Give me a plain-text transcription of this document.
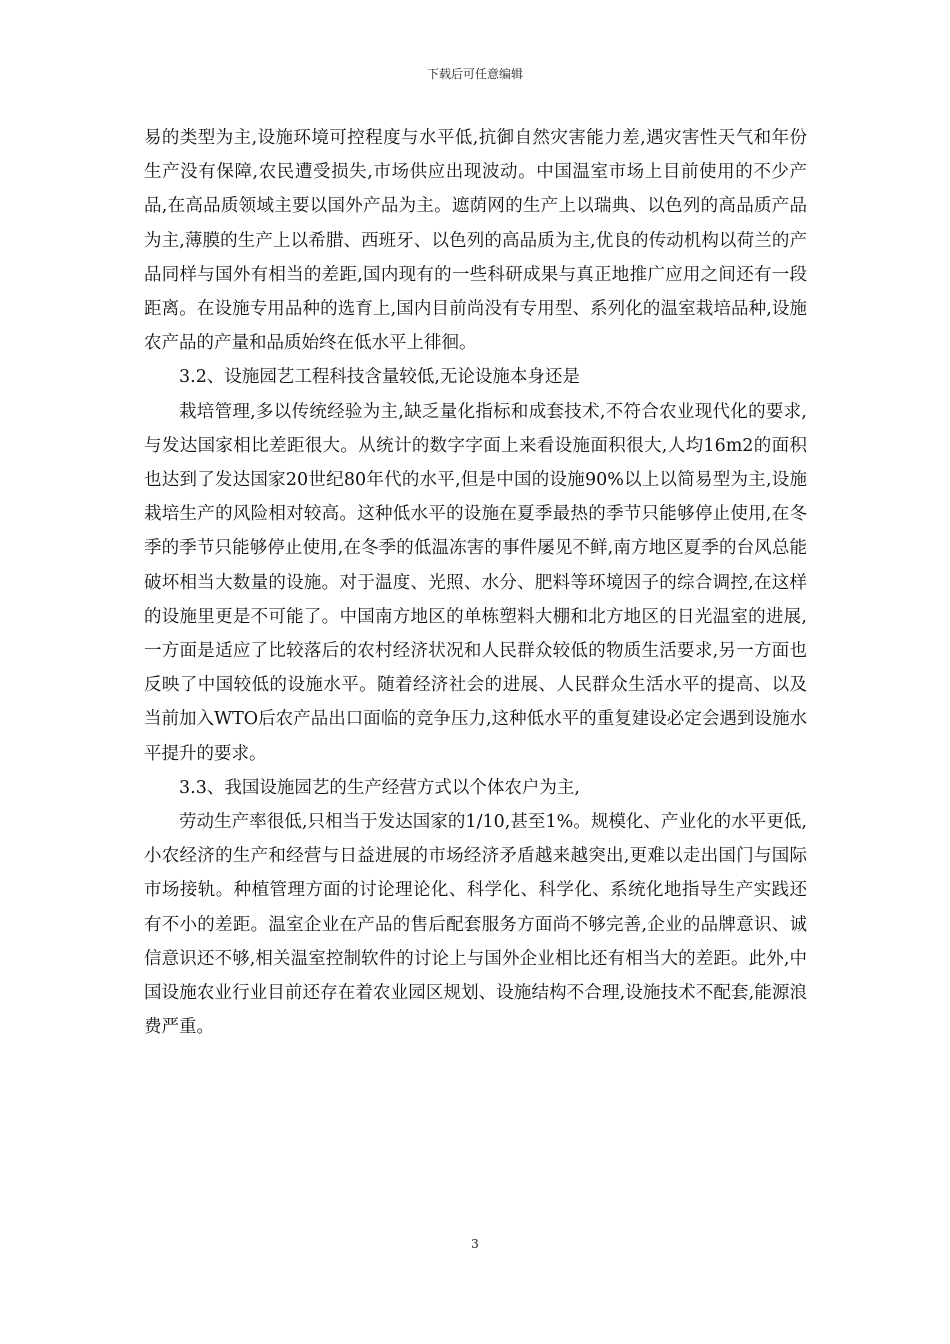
下载后可任意编辑

易的类型为主,设施环境可控程度与水平低,抗御自然灾害能力差,遇灾害性天气和年份生产没有保障,农民遭受损失,市场供应出现波动。中国温室市场上目前使用的不少产品,在高品质领域主要以国外产品为主。遮荫网的生产上以瑞典、以色列的高品质产品为主,薄膜的生产上以希腊、西班牙、以色列的高品质为主,优良的传动机构以荷兰的产品同样与国外有相当的差距,国内现有的一些科研成果与真正地推广应用之间还有一段距离。在设施专用品种的选育上,国内目前尚没有专用型、系列化的温室栽培品种,设施农产品的产量和品质始终在低水平上徘徊。

3.2、设施园艺工程科技含量较低,无论设施本身还是

栽培管理,多以传统经验为主,缺乏量化指标和成套技术,不符合农业现代化的要求,与发达国家相比差距很大。从统计的数字字面上来看设施面积很大,人均16m2的面积也达到了发达国家20世纪80年代的水平,但是中国的设施90%以上以简易型为主,设施栽培生产的风险相对较高。这种低水平的设施在夏季最热的季节只能够停止使用,在冬季的季节只能够停止使用,在冬季的低温冻害的事件屡见不鲜,南方地区夏季的台风总能破坏相当大数量的设施。对于温度、光照、水分、肥料等环境因子的综合调控,在这样的设施里更是不可能了。中国南方地区的单栋塑料大棚和北方地区的日光温室的进展,一方面是适应了比较落后的农村经济状况和人民群众较低的物质生活要求,另一方面也反映了中国较低的设施水平。随着经济社会的进展、人民群众生活水平的提高、以及当前加入WTO后农产品出口面临的竞争压力,这种低水平的重复建设必定会遇到设施水平提升的要求。

3.3、我国设施园艺的生产经营方式以个体农户为主,

劳动生产率很低,只相当于发达国家的1/10,甚至1%。规模化、产业化的水平更低,小农经济的生产和经营与日益进展的市场经济矛盾越来越突出,更难以走出国门与国际市场接轨。种植管理方面的讨论理论化、科学化、科学化、系统化地指导生产实践还有不小的差距。温室企业在产品的售后配套服务方面尚不够完善,企业的品牌意识、诚信意识还不够,相关温室控制软件的讨论上与国外企业相比还有相当大的差距。此外,中国设施农业行业目前还存在着农业园区规划、设施结构不合理,设施技术不配套,能源浪费严重。

3
